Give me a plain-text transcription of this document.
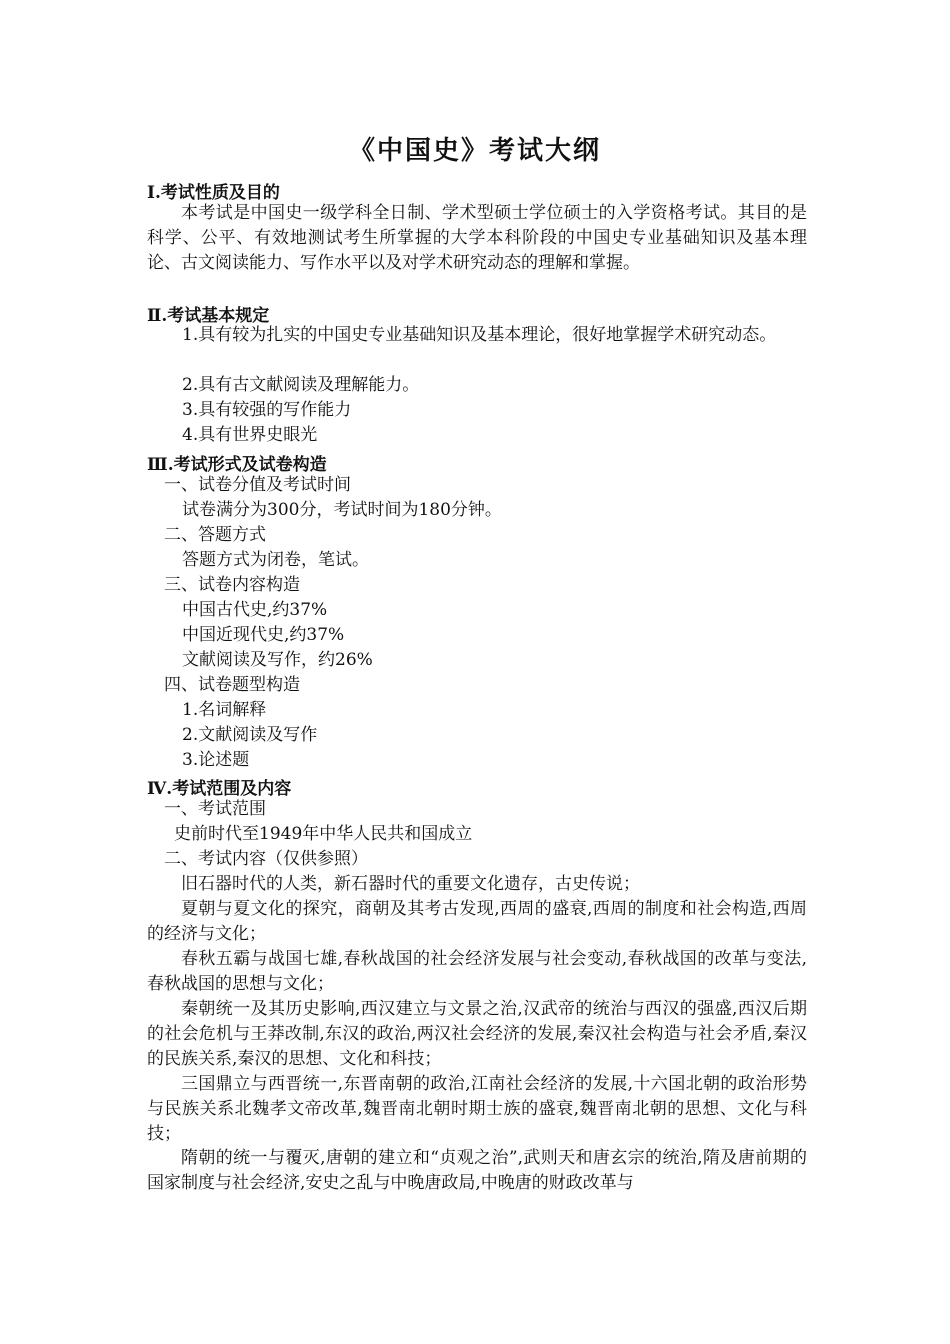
《中国史》考试大纲
Ⅰ.考试性质及目的
本考试是中国史一级学科全日制、学术型硕士学位硕士的入学资格考试。其目的是科学、公平、有效地测试考生所掌握的大学本科阶段的中国史专业基础知识及基本理论、古文阅读能力、写作水平以及对学术研究动态的理解和掌握。
Ⅱ.考试基本规定
1.具有较为扎实的中国史专业基础知识及基本理论，很好地掌握学术研究动态。
2.具有古文献阅读及理解能力。
3.具有较强的写作能力
4.具有世界史眼光
Ⅲ.考试形式及试卷构造
一、试卷分值及考试时间
试卷满分为300分，考试时间为180分钟。
二、答题方式
答题方式为闭卷，笔试。
三、试卷内容构造
中国古代史,约37%
中国近现代史,约37%
文献阅读及写作，约26%
四、试卷题型构造
1.名词解释
2.文献阅读及写作
3.论述题
Ⅳ.考试范围及内容
一、考试范围
史前时代至1949年中华人民共和国成立
二、考试内容（仅供参照）
旧石器时代的人类，新石器时代的重要文化遗存，古史传说；
夏朝与夏文化的探究，商朝及其考古发现,西周的盛衰,西周的制度和社会构造,西周的经济与文化；
春秋五霸与战国七雄,春秋战国的社会经济发展与社会变动,春秋战国的改革与变法,春秋战国的思想与文化；
秦朝统一及其历史影响,西汉建立与文景之治,汉武帝的统治与西汉的强盛,西汉后期的社会危机与王莽改制,东汉的政治,两汉社会经济的发展,秦汉社会构造与社会矛盾,秦汉的民族关系,秦汉的思想、文化和科技；
三国鼎立与西晋统一,东晋南朝的政治,江南社会经济的发展,十六国北朝的政治形势与民族关系北魏孝文帝改革,魏晋南北朝时期士族的盛衰,魏晋南北朝的思想、文化与科技；
隋朝的统一与覆灭,唐朝的建立和“贞观之治”,武则天和唐玄宗的统治,隋及唐前期的国家制度与社会经济,安史之乱与中晚唐政局,中晚唐的财政改革与
